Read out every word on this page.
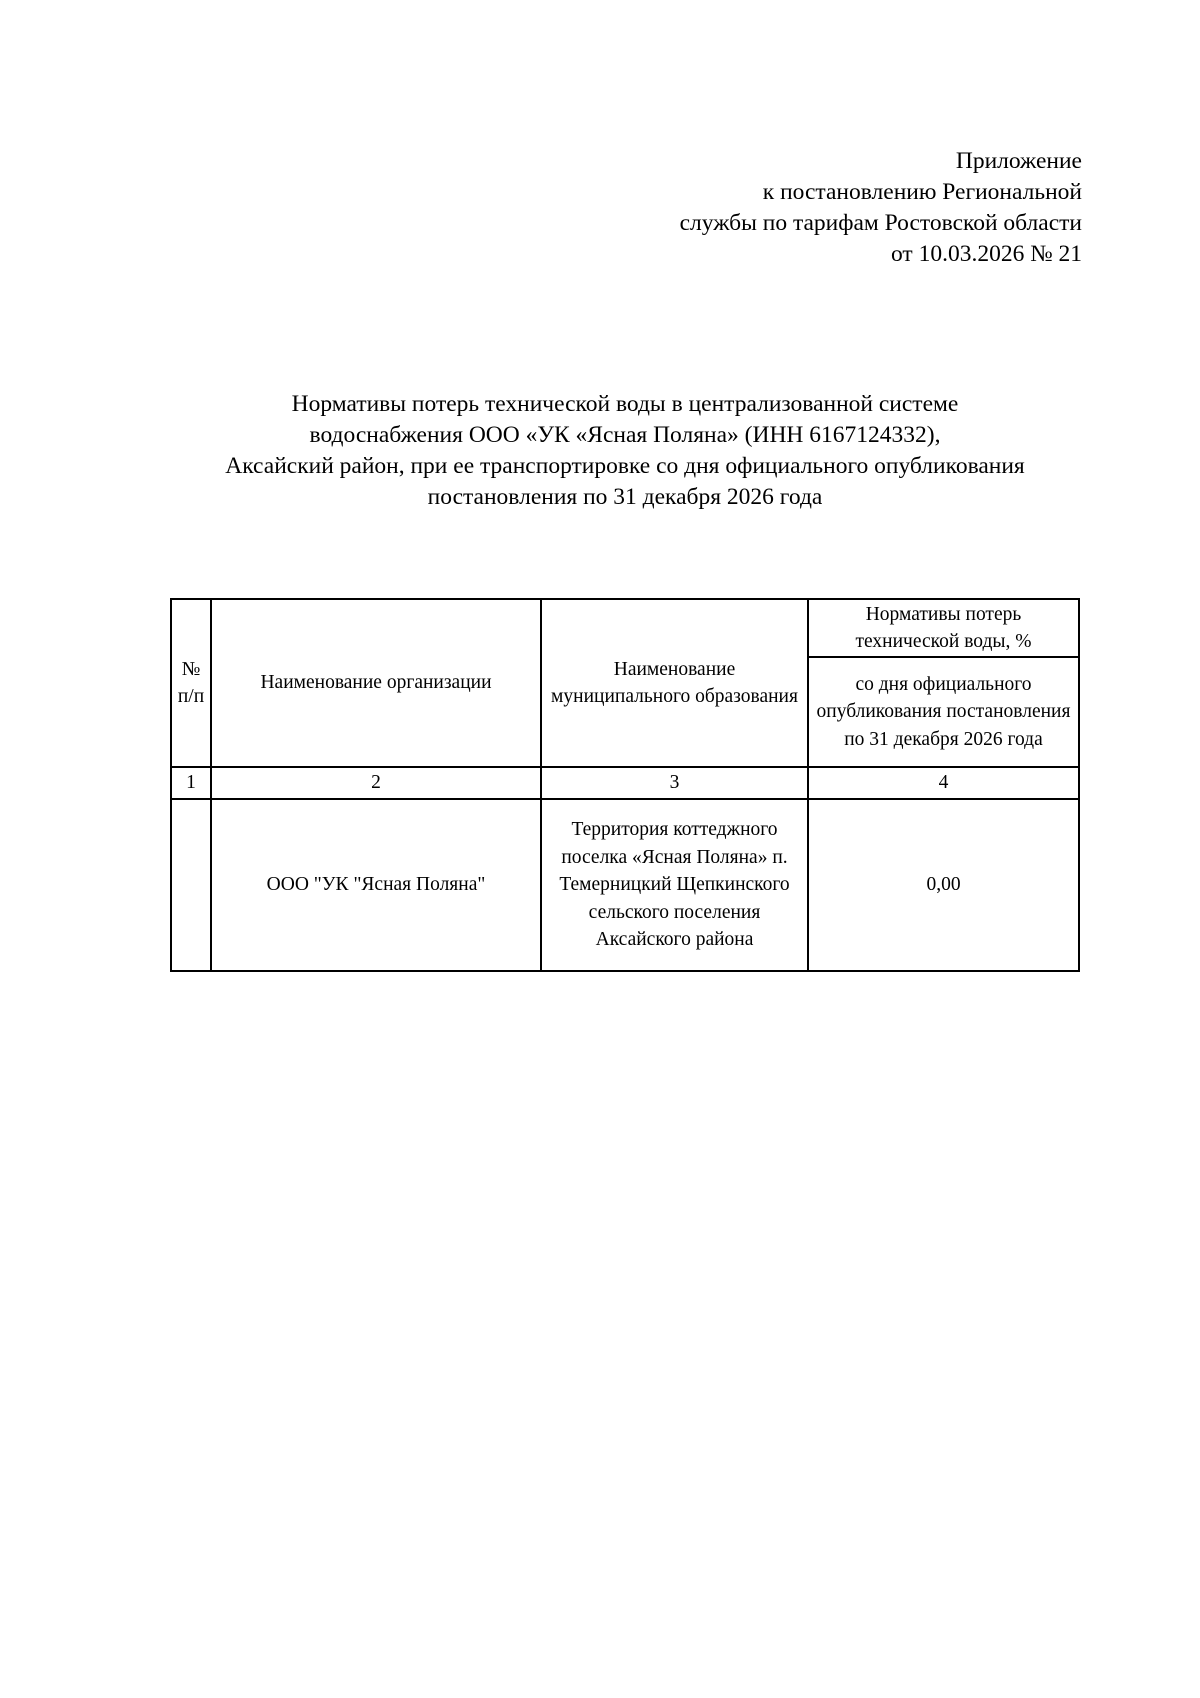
Приложение
к постановлению Региональной
службы по тарифам Ростовской области
от 10.03.2026 № 21
Нормативы потерь технической воды в централизованной системе
водоснабжения ООО «УК «Ясная Поляна» (ИНН 6167124332),
Аксайский район, при ее транспортировке со дня официального опубликования
постановления по 31 декабря 2026 года
№ п/п	Наименование организации	Наименование муниципального образования	Нормативы потерь технической воды, %
			со дня официального опубликования постановления по 31 декабря 2026 года
1	2	3	4
	ООО "УК "Ясная Поляна"	Территория коттеджного поселка «Ясная Поляна» п. Темерницкий Щепкинского сельского поселения Аксайского района	0,00
